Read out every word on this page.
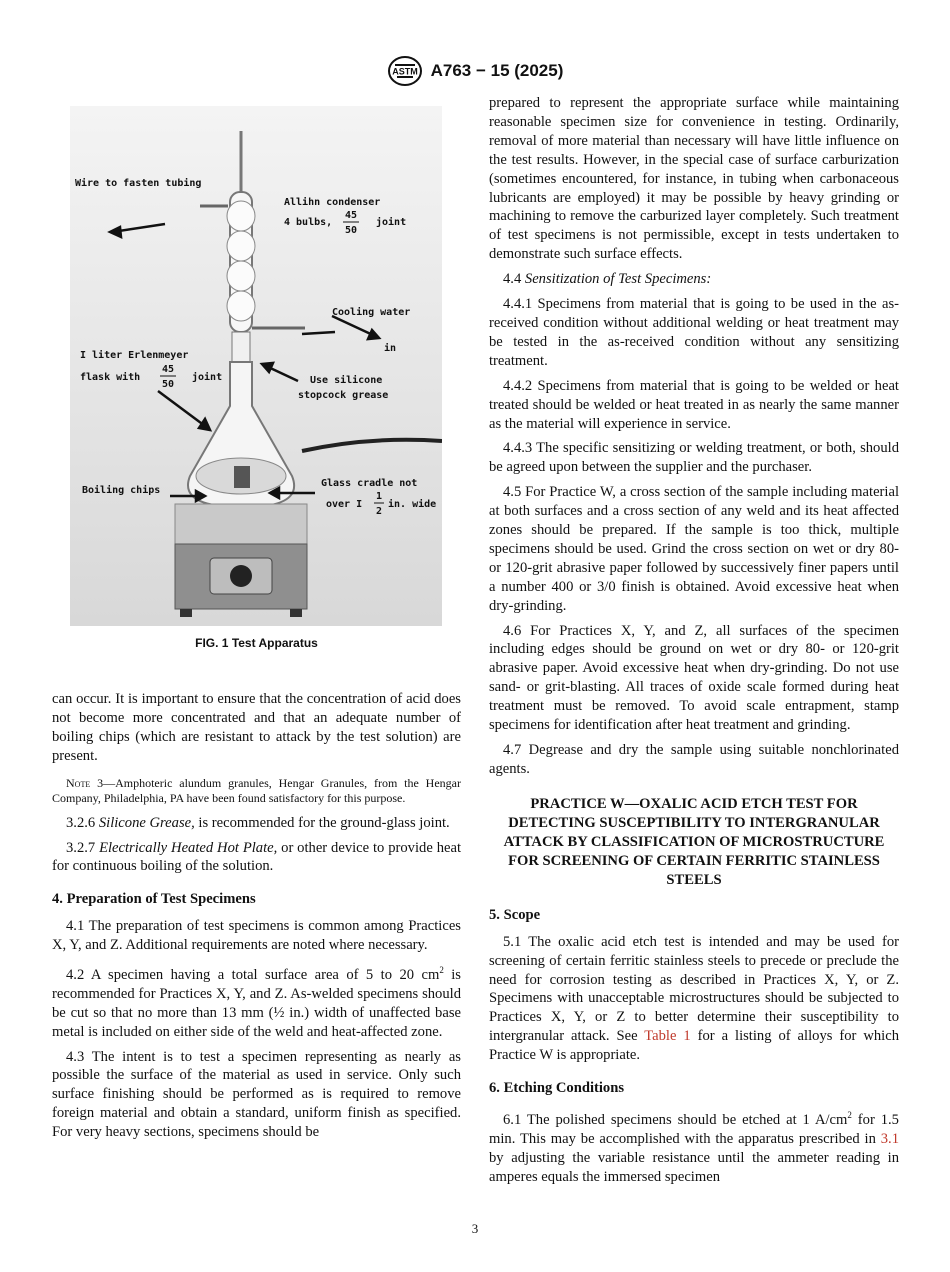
ASTM A763 − 15 (2025)
Wire to fasten tubing
Allihn condenser
4 bulbs,
45
50
joint
Cooling water
in
I liter Erlenmeyer
flask with
45
50
joint	Use silicone
stopcock grease
Boiling chips
Glass cradle not
over I
1
2
in. wide
FIG. 1 Test Apparatus

can occur. It is important to ensure that the concentration of acid does not become more concentrated and that an adequate number of boiling chips (which are resistant to attack by the test solution) are present.

Note 3—Amphoteric alundum granules, Hengar Granules, from the Hengar Company, Philadelphia, PA have been found satisfactory for this purpose.

3.2.6 Silicone Grease, is recommended for the ground-glass joint.

3.2.7 Electrically Heated Hot Plate, or other device to provide heat for continuous boiling of the solution.

4. Preparation of Test Specimens

4.1 The preparation of test specimens is common among Practices X, Y, and Z. Additional requirements are noted where necessary.

4.2 A specimen having a total surface area of 5 to 20 $cm^2$ is recommended for Practices X, Y, and Z. As-welded specimens should be cut so that no more than 13 mm (½ in.) width of unaffected base metal is included on either side of the weld and heat-affected zone.

4.3 The intent is to test a specimen representing as nearly as possible the surface of the material as used in service. Only such surface finishing should be performed as is required to remove foreign material and obtain a standard, uniform finish as specified. For very heavy sections, specimens should be

prepared to represent the appropriate surface while maintaining reasonable specimen size for convenience in testing. Ordinarily, removal of more material than necessary will have little influence on the test results. However, in the special case of surface carburization (sometimes encountered, for instance, in tubing when carbonaceous lubricants are employed) it may be possible by heavy grinding or machining to remove the carburized layer completely. Such treatment of test specimens is not permissible, except in tests undertaken to demonstrate such surface effects.

4.4 Sensitization of Test Specimens:

4.4.1 Specimens from material that is going to be used in the as-received condition without additional welding or heat treatment may be tested in the as-received condition without any sensitizing treatment.

4.4.2 Specimens from material that is going to be welded or heat treated should be welded or heat treated in as nearly the same manner as the material will experience in service.

4.4.3 The specific sensitizing or welding treatment, or both, should be agreed upon between the supplier and the purchaser.

4.5 For Practice W, a cross section of the sample including material at both surfaces and a cross section of any weld and its heat affected zones should be prepared. If the sample is too thick, multiple specimens should be used. Grind the cross section on wet or dry 80- or 120-grit abrasive paper followed by successively finer papers until a number 400 or 3/0 finish is obtained. Avoid excessive heat when dry-grinding.

4.6 For Practices X, Y, and Z, all surfaces of the specimen including edges should be ground on wet or dry 80- or 120-grit abrasive paper. Avoid excessive heat when dry-grinding. Do not use sand- or grit-blasting. All traces of oxide scale formed during heat treatment must be removed. To avoid scale entrapment, stamp specimens for identification after heat treatment and grinding.

4.7 Degrease and dry the sample using suitable nonchlorinated agents.

PRACTICE W—OXALIC ACID ETCH TEST FOR DETECTING SUSCEPTIBILITY TO INTERGRANULAR ATTACK BY CLASSIFICATION OF MICROSTRUCTURE FOR SCREENING OF CERTAIN FERRITIC STAINLESS STEELS
5. Scope

5.1 The oxalic acid etch test is intended and may be used for screening of certain ferritic stainless steels to precede or preclude the need for corrosion testing as described in Practices X, Y, or Z. Specimens with unacceptable microstructures should be subjected to Practices X, Y, or Z to better determine their susceptibility to intergranular attack. See Table 1 for a listing of alloys for which Practice W is appropriate.

6. Etching Conditions

6.1 The polished specimens should be etched at 1 $A/cm^2$ for 1.5 min. This may be accomplished with the apparatus prescribed in 3.1 by adjusting the variable resistance until the ammeter reading in amperes equals the immersed specimen

3
